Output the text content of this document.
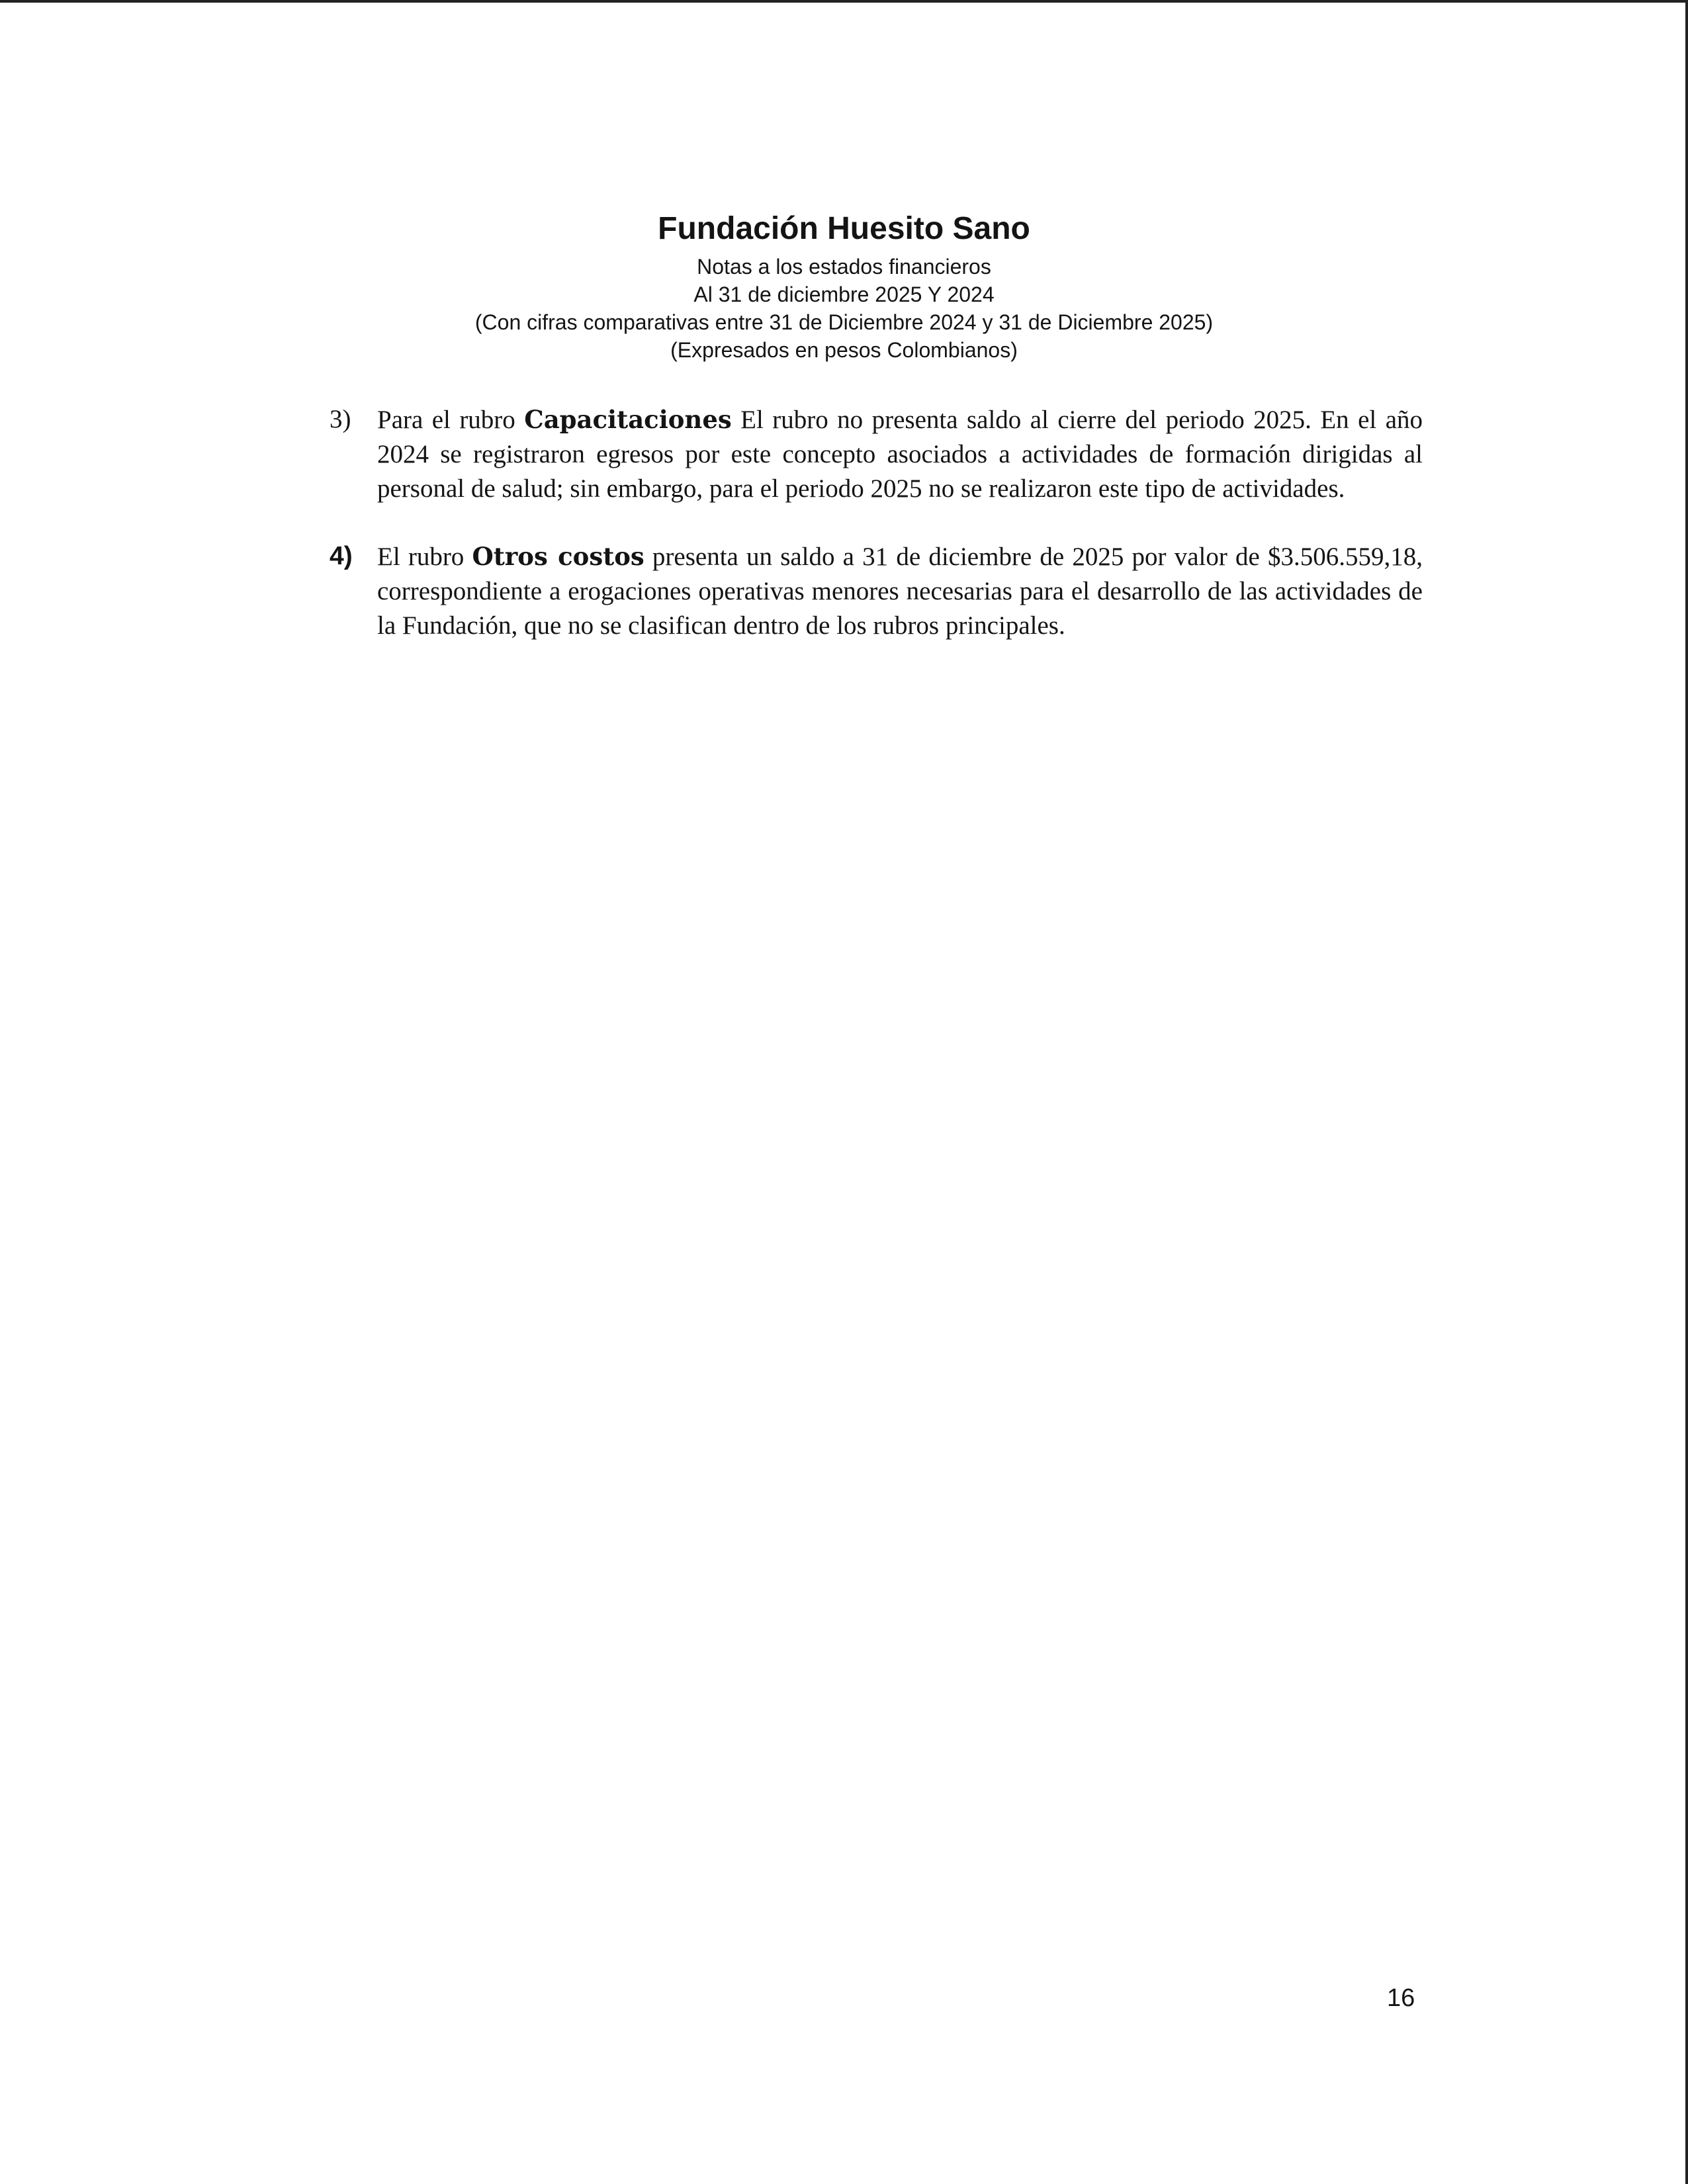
Fundación Huesito Sano

Notas a los estados financieros

Al 31 de diciembre 2025 Y 2024

(Con cifras comparativas entre 31 de Diciembre 2024 y 31 de Diciembre 2025)

(Expresados en pesos Colombianos)

3) Para el rubro Capacitaciones El rubro no presenta saldo al cierre del periodo 2025. En el año 2024 se registraron egresos por este concepto asociados a actividades de formación dirigidas al personal de salud; sin embargo, para el periodo 2025 no se realizaron este tipo de actividades.

4) El rubro Otros costos presenta un saldo a 31 de diciembre de 2025 por valor de $3.506.559,18, correspondiente a erogaciones operativas menores necesarias para el desarrollo de las actividades de la Fundación, que no se clasifican dentro de los rubros principales.

16
